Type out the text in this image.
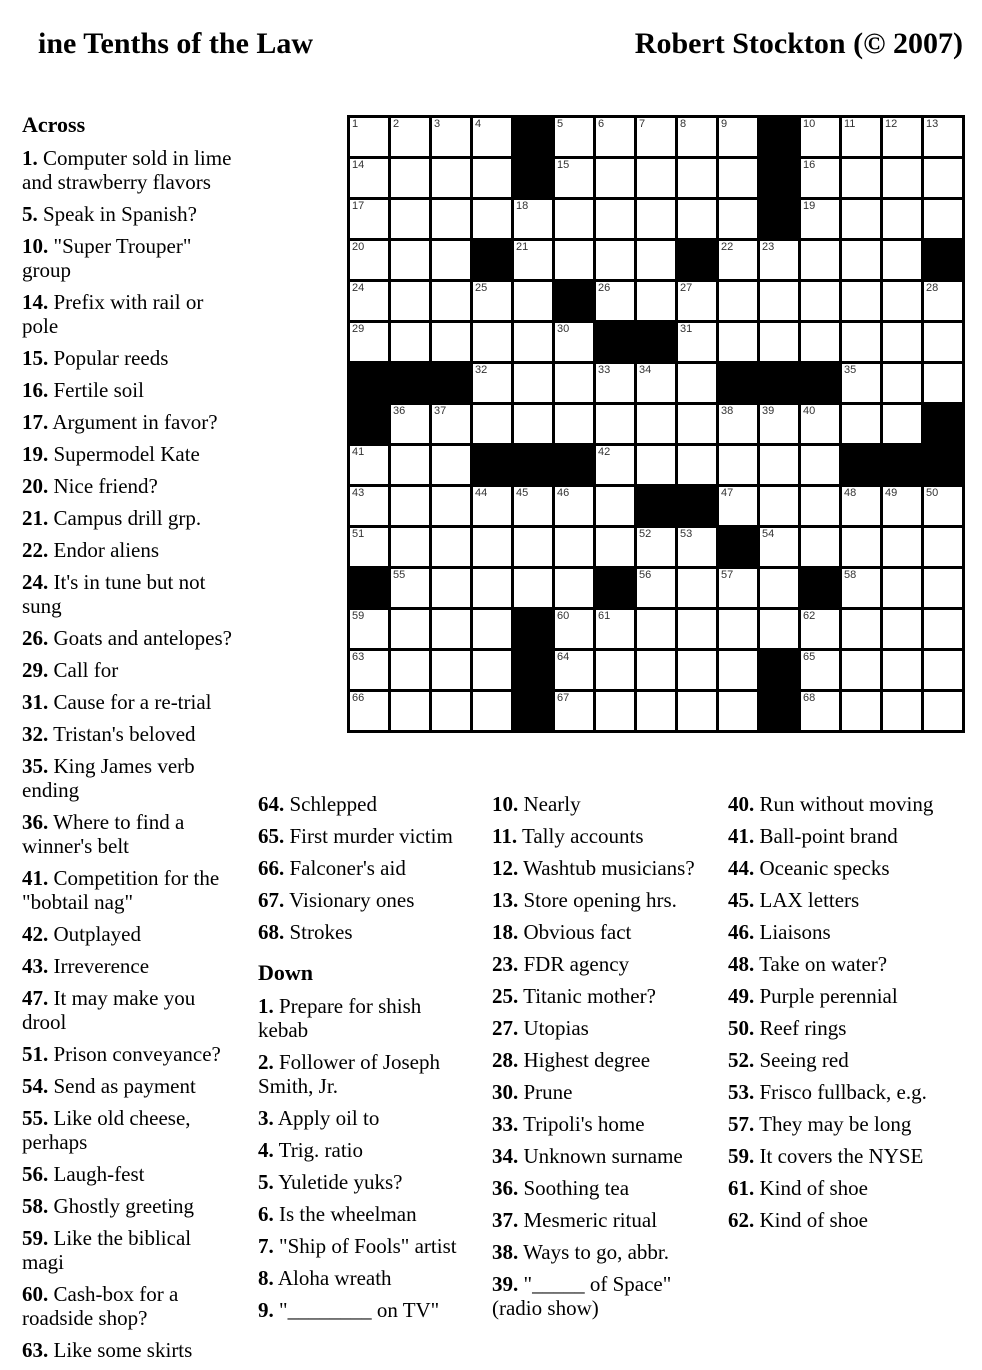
ine Tenths of the Law	Robert Stockton (© 2007)
1	2	3	4	5	6	7	8	9	10	11	12	13
14	15	16
17	18	19
20	21	22	23
24	25	26	27	28
29	30	31
32	33	34	35
36	37	38	39	40
41	42
43	44	45	46	47	48	49	50
51	52	53	54
55	56	57	58
59	60	61	62
63	64	65
66	67	68
Across

1. Computer sold in lime and strawberry flavors

5. Speak in Spanish?

10. "Super Trouper" group

14. Prefix with rail or pole

15. Popular reeds

16. Fertile soil

17. Argument in favor?

19. Supermodel Kate

20. Nice friend?

21. Campus drill grp.

22. Endor aliens

24. It's in tune but not sung

26. Goats and antelopes?

29. Call for

31. Cause for a re-trial

32. Tristan's beloved

35. King James verb ending

36. Where to find a winner's belt

41. Competition for the "bobtail nag"

42. Outplayed

43. Irreverence

47. It may make you drool

51. Prison conveyance?

54. Send as payment

55. Like old cheese, perhaps

56. Laugh-fest

58. Ghostly greeting

59. Like the biblical magi

60. Cash-box for a roadside shop?

63. Like some skirts

64. Schlepped

65. First murder victim

66. Falconer's aid

67. Visionary ones

68. Strokes

Down

1. Prepare for shish kebab

2. Follower of Joseph Smith, Jr.

3. Apply oil to

4. Trig. ratio

5. Yuletide yuks?

6. Is the wheelman

7. "Ship of Fools" artist

8. Aloha wreath

9. "________ on TV"

10. Nearly

11. Tally accounts

12. Washtub musicians?

13. Store opening hrs.

18. Obvious fact

23. FDR agency

25. Titanic mother?

27. Utopias

28. Highest degree

30. Prune

33. Tripoli's home

34. Unknown surname

36. Soothing tea

37. Mesmeric ritual

38. Ways to go, abbr.

39. "_____ of Space" (radio show)

40. Run without moving

41. Ball-point brand

44. Oceanic specks

45. LAX letters

46. Liaisons

48. Take on water?

49. Purple perennial

50. Reef rings

52. Seeing red

53. Frisco fullback, e.g.

57. They may be long

59. It covers the NYSE

61. Kind of shoe

62. Kind of shoe
